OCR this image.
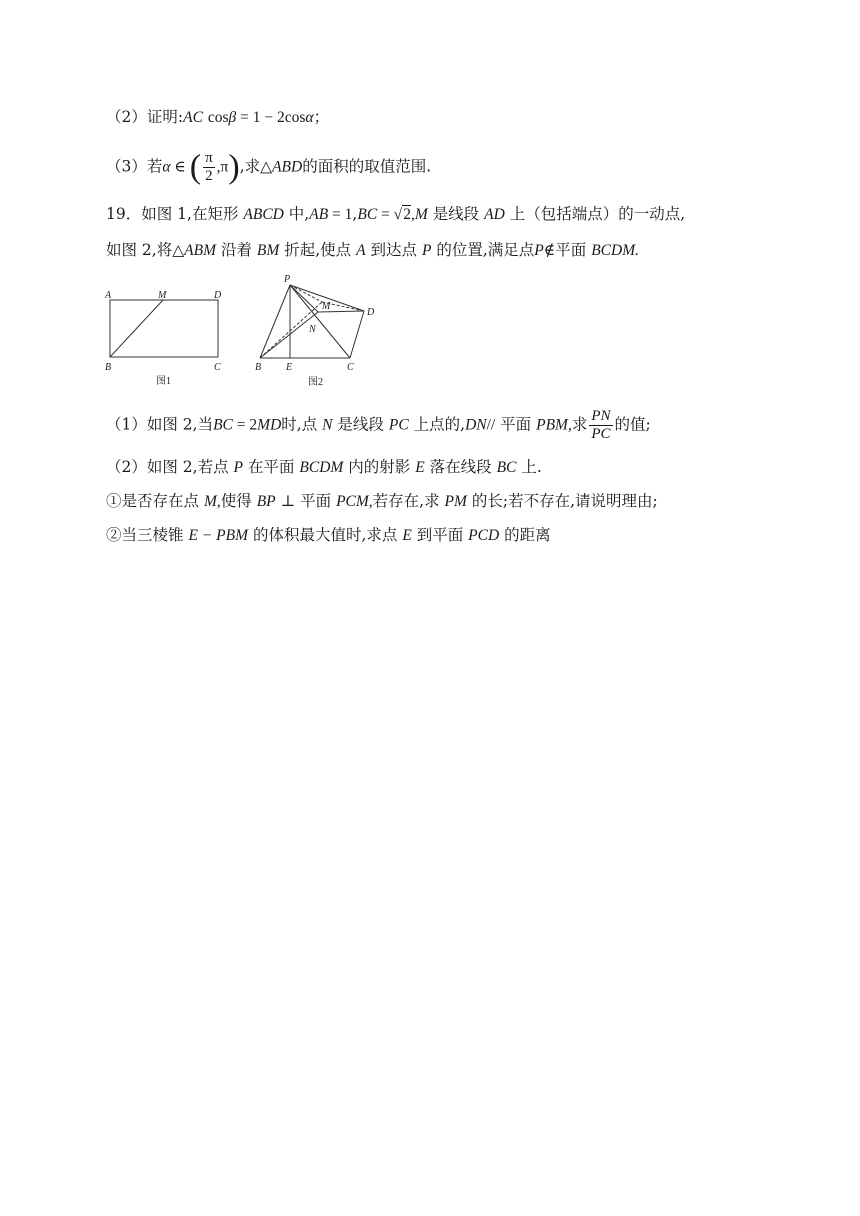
（2）证明:AC cosβ = 1 − 2cosα；
（3）若α ∈ ( $\frac{\pi}{2} ,\pi$),求△ABD的面积的取值范围.
19．如图 1,在矩形 ABCD 中,AB = 1,BC = √2,M 是线段 AD 上（包括端点）的一动点,
如图 2,将△ABM 沿着 BM 折起,使点 A 到达点 P 的位置,满足点P∉平面 BCDM.
A	M	D
B	C
图1
P
M
D
N
B E	C
图2
（1）如图 2,当BC = 2MD时,点 N 是线段 PC 上点的,DN// 平面 PBM,求 $\frac{PN}{PC}$ 的值;
（2）如图 2,若点 P 在平面 BCDM 内的射影 E 落在线段 BC 上.
①是否存在点 M,使得 BP ⊥ 平面 PCM,若存在,求 PM 的长;若不存在,请说明理由;
②当三棱锥 E − PBM 的体积最大值时,求点 E 到平面 PCD 的距离
